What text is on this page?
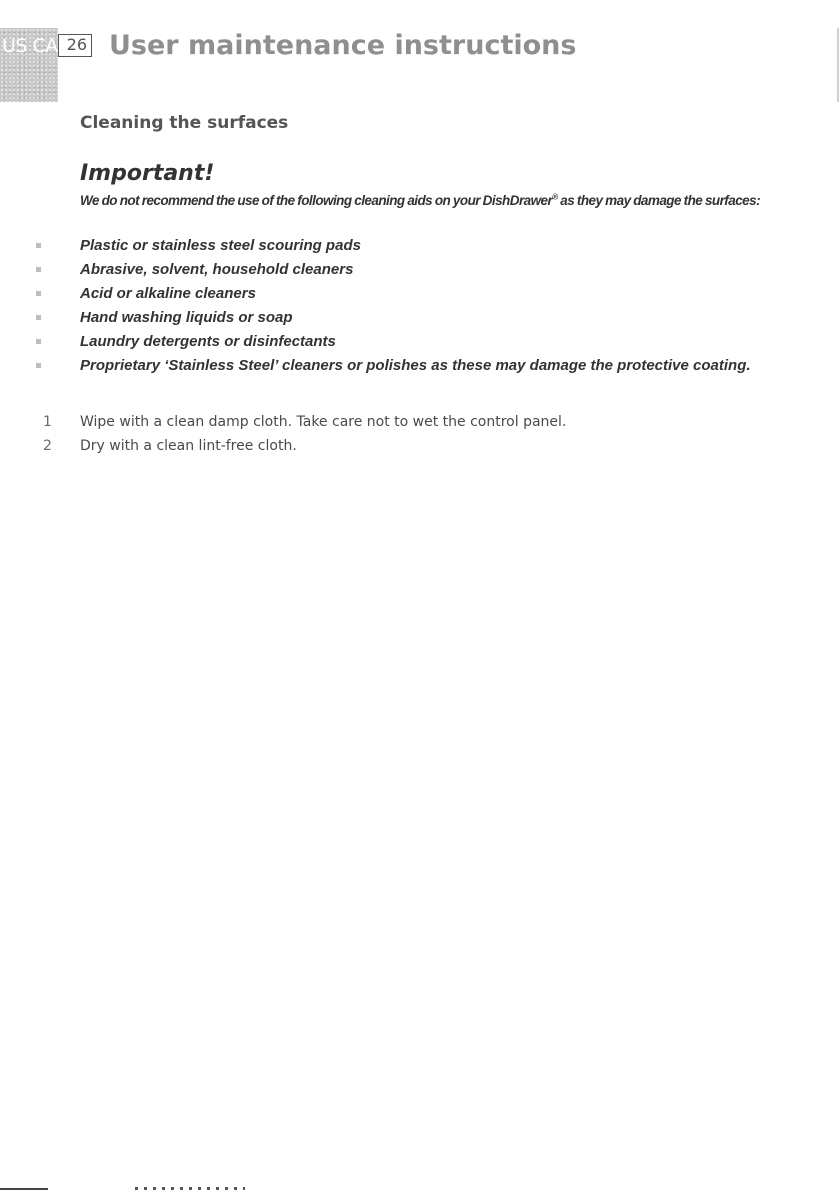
US CA 26 User maintenance instructions
Cleaning the surfaces
Important!
We do not recommend the use of the following cleaning aids on your DishDrawer® as they may damage the surfaces:
Plastic or stainless steel scouring pads
Abrasive, solvent, household cleaners
Acid or alkaline cleaners
Hand washing liquids or soap
Laundry detergents or disinfectants
Proprietary ‘Stainless Steel’ cleaners or polishes as these may damage the protective coating.
1 Wipe with a clean damp cloth. Take care not to wet the control panel.
2 Dry with a clean lint-free cloth.
